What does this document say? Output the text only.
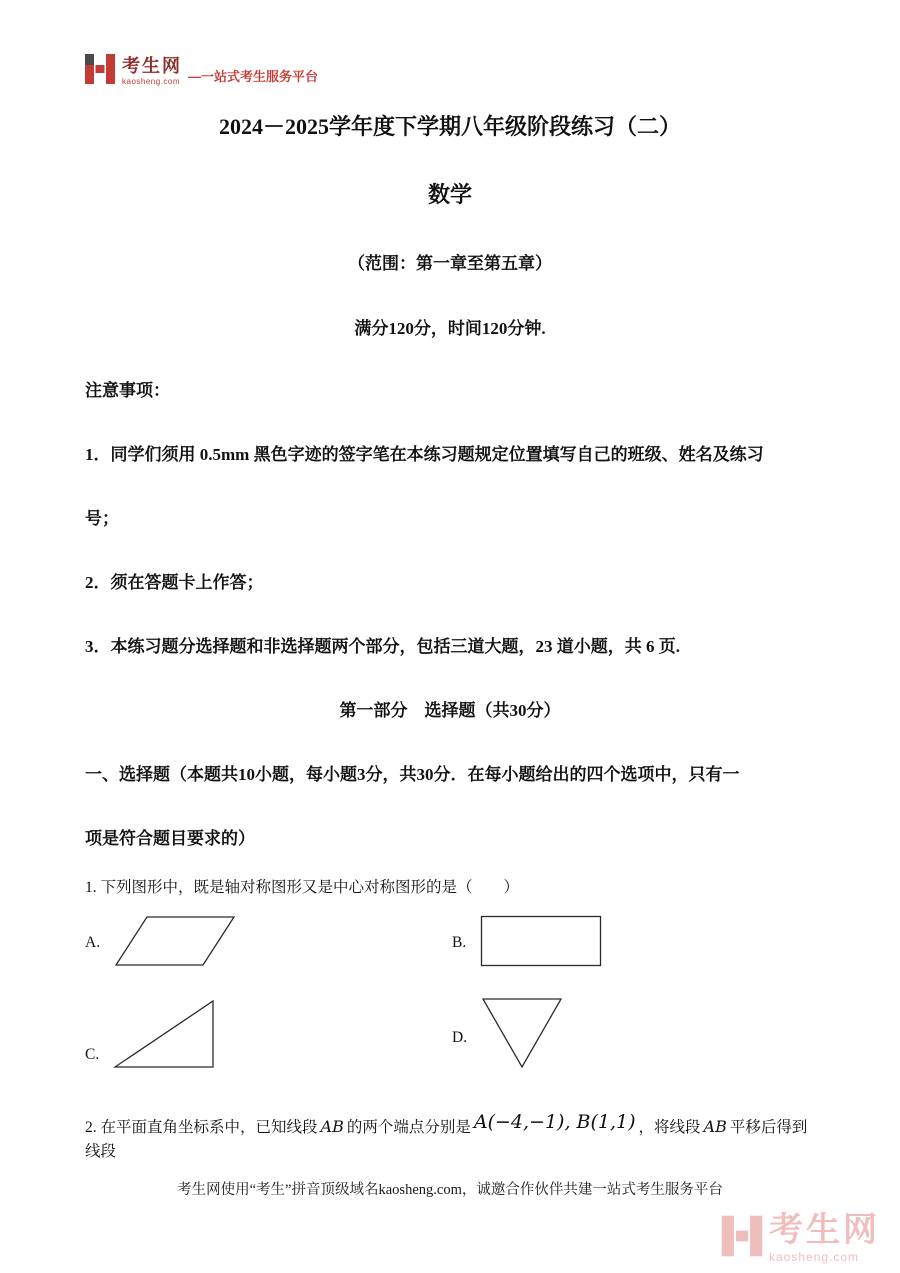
考生网
kaosheng.com —一站式考生服务平台
2024－2025学年度下学期八年级阶段练习（二）
数学

（范围：第一章至第五章）

满分120分，时间120分钟.

注意事项：

1．同学们须用 0.5mm 黑色字迹的签字笔在本练习题规定位置填写自己的班级、姓名及练习

号；

2．须在答题卡上作答；

3．本练习题分选择题和非选择题两个部分，包括三道大题，23 道小题，共 6 页.

第一部分　选择题（共30分）

一、选择题（本题共10小题，每小题3分，共30分．在每小题给出的四个选项中，只有一

项是符合题目要求的）

1. 下列图形中，既是轴对称图形又是中心对称图形的是（　　）

A.	B.
C.
D.

2. 在平面直角坐标系中，已知线段 AB 的两个端点分别是 A(−4,−1), B(1,1) ，将线段 AB 平移后得到线段

考生网使用“考生”拼音顶级域名kaosheng.com，诚邀合作伙伴共建一站式考生服务平台

考生网
kaosheng.com
